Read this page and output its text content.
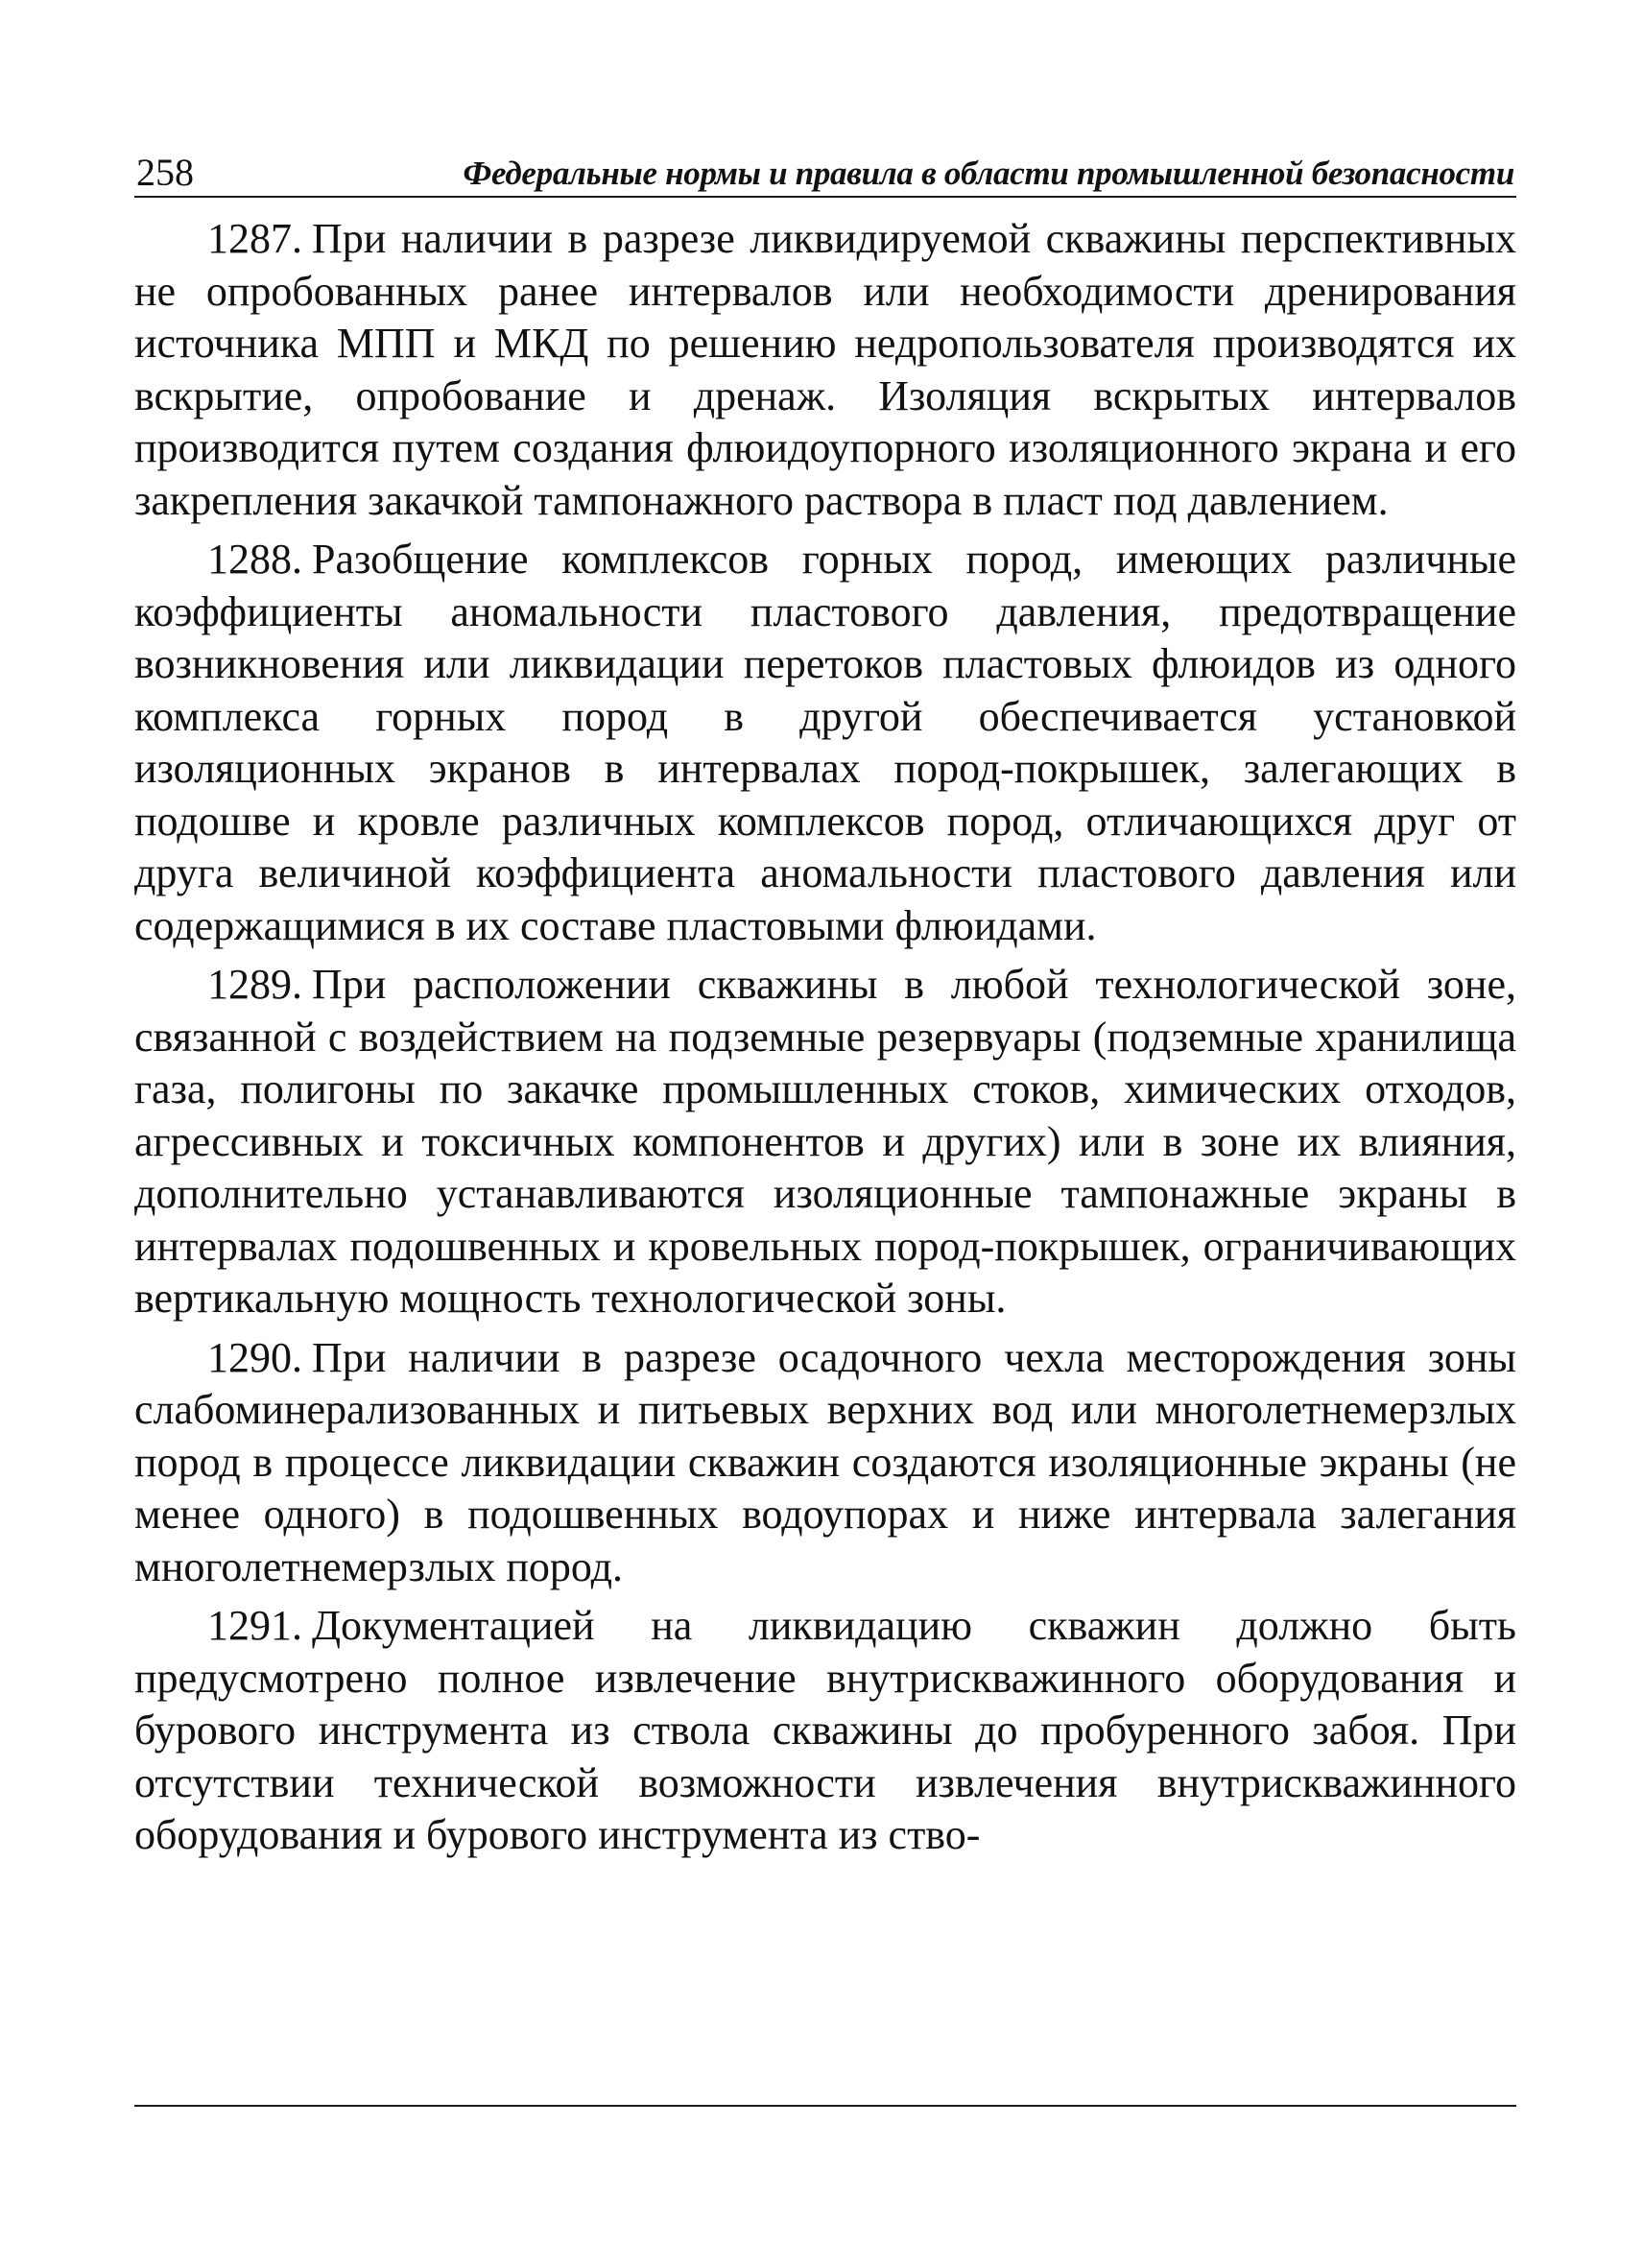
258	Федеральные нормы и правила в области промышленной безопасности

1287. При наличии в разрезе ликвидируемой скважины перспективных не опробованных ранее интервалов или необходимости дренирования источника МПП и МКД по решению недропользователя производятся их вскрытие, опробование и дренаж. Изоляция вскрытых интервалов производится путем создания флюидоупорного изоляционного экрана и его закрепления закачкой тампонажного раствора в пласт под давлением.

1288. Разобщение комплексов горных пород, имеющих различные коэффициенты аномальности пластового давления, предотвращение возникновения или ликвидации перетоков пластовых флюидов из одного комплекса горных пород в другой обеспечивается установкой изоляционных экранов в интервалах пород-покрышек, залегающих в подошве и кровле различных комплексов пород, отличающихся друг от друга величиной коэффициента аномальности пластового давления или содержащимися в их составе пластовыми флюидами.

1289. При расположении скважины в любой технологической зоне, связанной с воздействием на подземные резервуары (подземные хранилища газа, полигоны по закачке промышленных стоков, химических отходов, агрессивных и токсичных компонентов и других) или в зоне их влияния, дополнительно устанавливаются изоляционные тампонажные экраны в интервалах подошвенных и кровельных пород-покрышек, ограничивающих вертикальную мощность технологической зоны.

1290. При наличии в разрезе осадочного чехла месторождения зоны слабоминерализованных и питьевых верхних вод или многолетнемерзлых пород в процессе ликвидации скважин создаются изоляционные экраны (не менее одного) в подошвенных водоупорах и ниже интервала залегания многолетнемерзлых пород.

1291. Документацией на ликвидацию скважин должно быть предусмотрено полное извлечение внутрискважинного оборудования и бурового инструмента из ствола скважины до пробуренного забоя. При отсутствии технической возможности извлечения внутрискважинного оборудования и бурового инструмента из ство-
